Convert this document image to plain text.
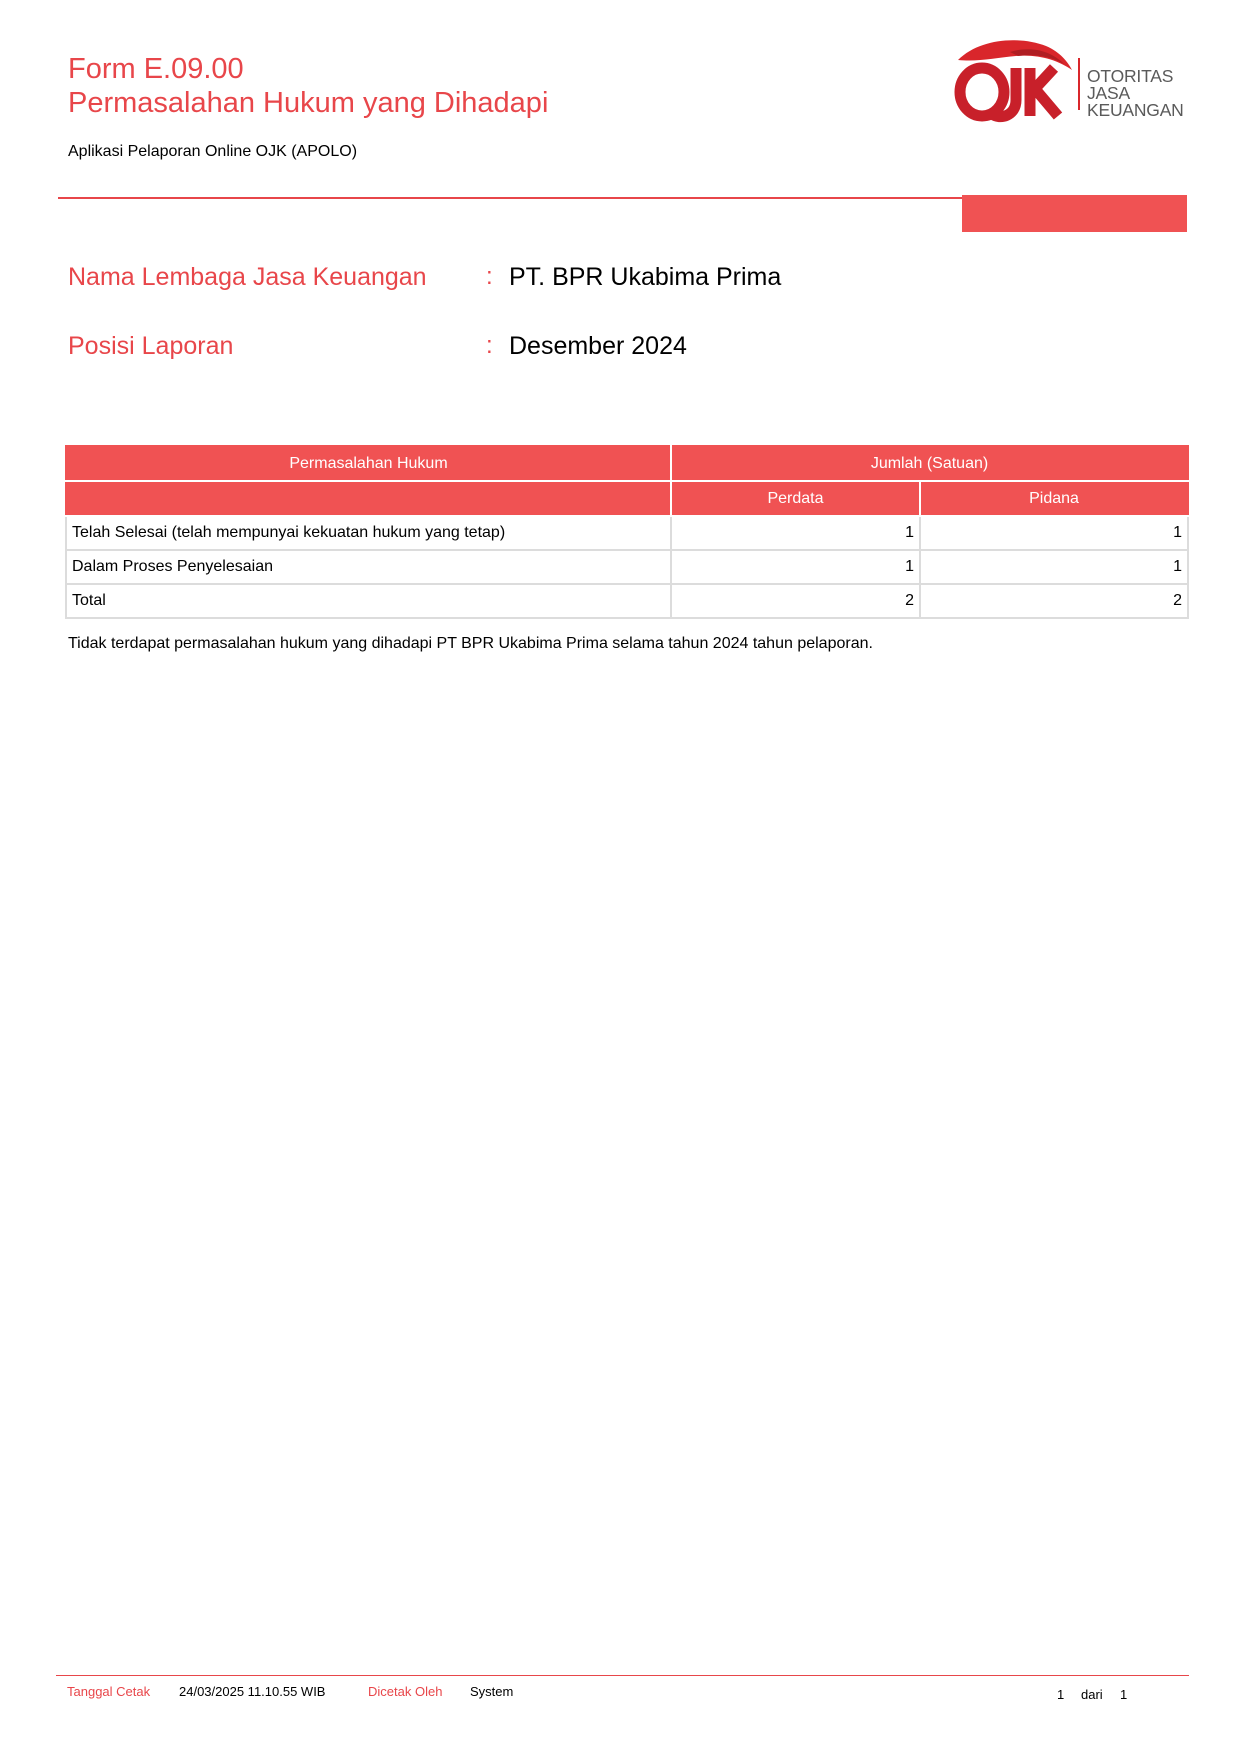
Form E.09.00
Permasalahan Hukum yang Dihadapi
Aplikasi Pelaporan Online OJK (APOLO)
OTORITAS
JASA
KEUANGAN
Nama Lembaga Jasa Keuangan : PT. BPR Ukabima Prima
Posisi Laporan	: Desember 2024
Permasalahan Hukum	Jumlah (Satuan)	
	Perdata	Pidana
Telah Selesai (telah mempunyai kekuatan hukum yang tetap)	1	1
Dalam Proses Penyelesaian	1	1
Total	2	2
Tidak terdapat permasalahan hukum yang dihadapi PT BPR Ukabima Prima selama tahun 2024 tahun pelaporan.
Tanggal Cetak 24/03/2025 11.10.55 WIB	Dicetak Oleh System	1 dari 1
